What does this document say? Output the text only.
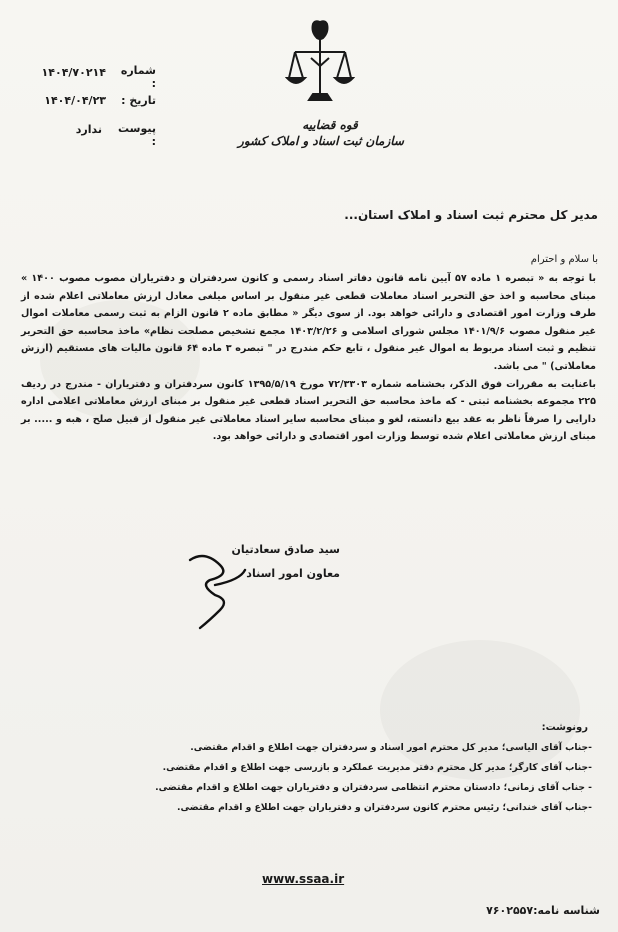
شماره :
۱۴۰۴/۷۰۲۱۴
تاریخ :
۱۴۰۴/۰۴/۲۳
پیوست :
ندارد	قوه قضاییه
سازمان ثبت اسناد و املاک کشور
مدیر کل محترم ثبت اسناد و املاک استان...
با سلام و احترام

با توجه به « تبصره ۱ ماده ۵۷ آیین نامه قانون دفاتر اسناد رسمی و کانون سردفتران و دفتریاران مصوب مصوب ۱۴۰۰ » مبنای محاسبه و اخذ حق التحریر اسناد معاملات قطعی غیر منقول بر اساس میلغی معادل ارزش معاملاتی اعلام شده از طرف وزارت امور اقتصادی و دارائی خواهد بود. از سوی دیگر « مطابق ماده ۲ قانون الزام به ثبت رسمی معاملات اموال غیر منقول مصوب ۱۴۰۱/۹/۶ مجلس شورای اسلامی و ۱۴۰۳/۲/۲۶ مجمع تشخیص مصلحت نظام» ماخذ محاسبه حق التحریر تنظیم و ثبت اسناد مربوط به اموال غیر منقول ، تابع حکم مندرج در " تبصره ۳ ماده ۶۴ قانون مالیات های مستقیم (ارزش معاملاتی) " می باشد.

باعنایت به مقررات فوق الذکر، بخشنامه شماره ۷۲/۳۳۰۳ مورخ ۱۳۹۵/۵/۱۹ کانون سردفتران و دفتریاران - مندرج در ردیف ۲۲۵ مجموعه بخشنامه ثبتی - که ماخذ محاسبه حق التحریر اسناد قطعی غیر منقول بر مبنای ارزش معاملاتی اعلامی اداره دارایی را صرفاً ناظر به عقد بیع دانسته، لغو و مبنای محاسبه سایر اسناد معاملاتی غیر منقول از قبیل صلح ، هبه و ..... بر مبنای ارزش معاملاتی اعلام شده توسط وزارت امور اقتصادی و دارائی خواهد بود.

سید صادق سعادتیان
معاون امور اسناد
رونوشت:
-جناب آقای الیاسی؛ مدیر کل محترم امور اسناد و سردفتران جهت اطلاع و اقدام مقتضی.
-جناب آقای کارگر؛ مدیر کل محترم دفتر مدیریت عملکرد و بازرسی جهت اطلاع و اقدام مقتضی.
- جناب آقای زمانی؛ دادستان محترم انتظامی سردفتران و دفتریاران جهت اطلاع و اقدام مقتضی.
-جناب آقای خندانی؛ رئیس محترم کانون سردفتران و دفتریاران جهت اطلاع و اقدام مقتضی.
www.ssaa.ir
شناسه نامه:۷۶۰۲۵۵۷
